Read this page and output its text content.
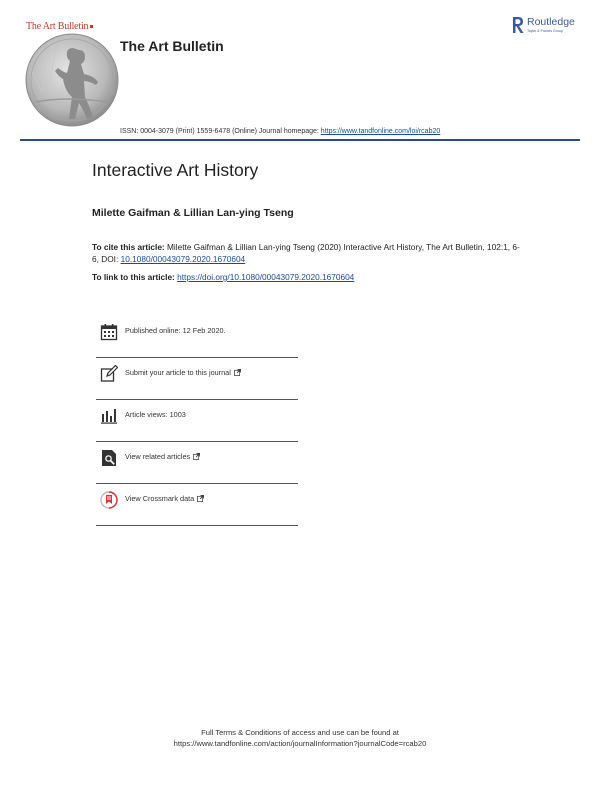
The Art Bulletin
The Art Bulletin
Routledge
Taylor & Francis Group
ISSN: 0004-3079 (Print) 1559-6478 (Online) Journal homepage: https://www.tandfonline.com/loi/rcab20
Interactive Art History
Milette Gaifman & Lillian Lan-ying Tseng
To cite this article: Milette Gaifman & Lillian Lan-ying Tseng (2020) Interactive Art History, The Art Bulletin, 102:1, 6-6, DOI: 10.1080/00043079.2020.1670604
To link to this article: https://doi.org/10.1080/00043079.2020.1670604
Published online: 12 Feb 2020.
Submit your article to this journal
Article views: 1003
View related articles
View Crossmark data
Full Terms & Conditions of access and use can be found at
https://www.tandfonline.com/action/journalInformation?journalCode=rcab20
